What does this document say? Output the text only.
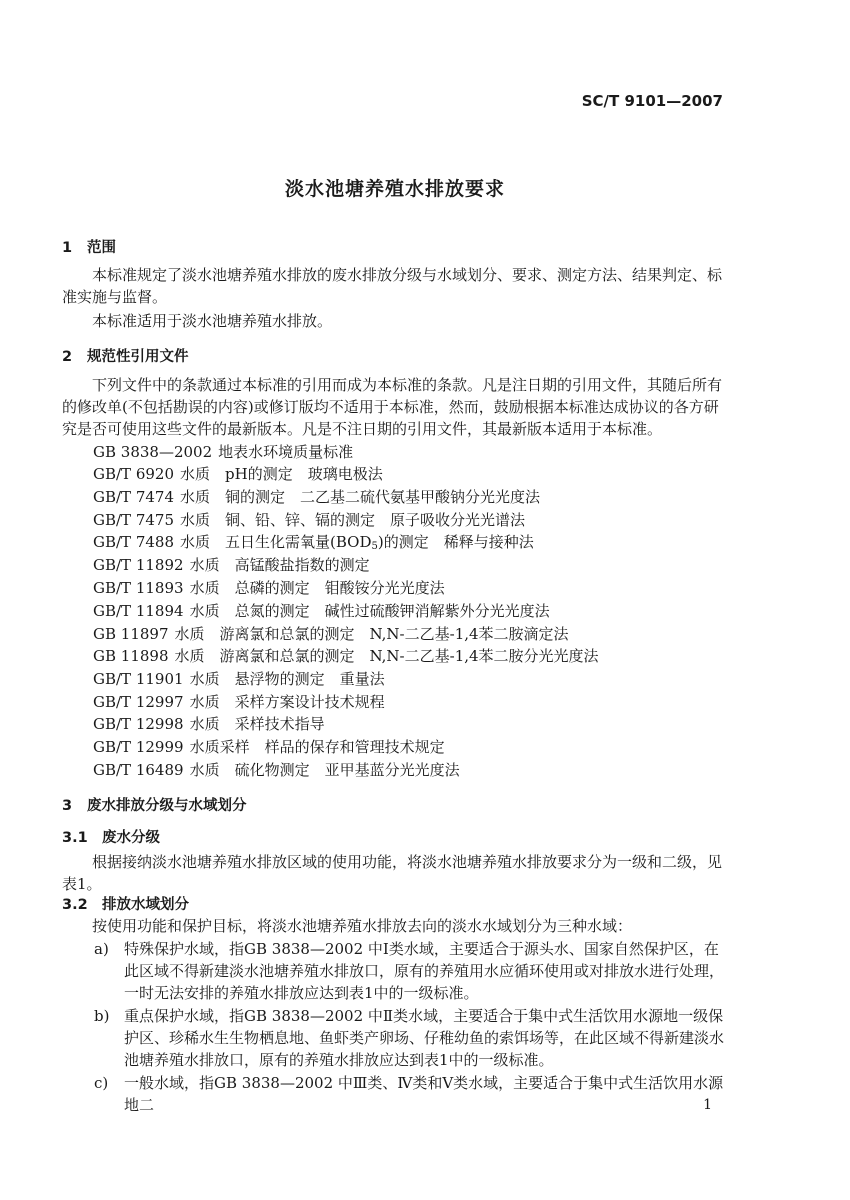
SC/T 9101—2007
淡水池塘养殖水排放要求
1 范围
本标准规定了淡水池塘养殖水排放的废水排放分级与水域划分、要求、测定方法、结果判定、标准实施与监督。
本标准适用于淡水池塘养殖水排放。
2 规范性引用文件
下列文件中的条款通过本标准的引用而成为本标准的条款。凡是注日期的引用文件，其随后所有的修改单(不包括勘误的内容)或修订版均不适用于本标准，然而，鼓励根据本标准达成协议的各方研究是否可使用这些文件的最新版本。凡是不注日期的引用文件，其最新版本适用于本标准。
GB 3838—2002 地表水环境质量标准
GB/T 6920 水质　pH的测定　玻璃电极法
GB/T 7474 水质　铜的测定　二乙基二硫代氨基甲酸钠分光光度法
GB/T 7475 水质　铜、铅、锌、镉的测定　原子吸收分光光谱法
GB/T 7488 水质　五日生化需氧量$(BOD_5)$的测定　稀释与接种法
GB/T 11892 水质　高锰酸盐指数的测定
GB/T 11893 水质　总磷的测定　钼酸铵分光光度法
GB/T 11894 水质　总氮的测定　碱性过硫酸钾消解紫外分光光度法
GB 11897 水质　游离氯和总氯的测定　N,N-二乙基-1,4苯二胺滴定法
GB 11898 水质　游离氯和总氯的测定　N,N-二乙基-1,4苯二胺分光光度法
GB/T 11901 水质　悬浮物的测定　重量法
GB/T 12997 水质　采样方案设计技术规程
GB/T 12998 水质　采样技术指导
GB/T 12999 水质采样　样品的保存和管理技术规定
GB/T 16489 水质　硫化物测定　亚甲基蓝分光光度法
3 废水排放分级与水域划分
3.1 废水分级
根据接纳淡水池塘养殖水排放区域的使用功能，将淡水池塘养殖水排放要求分为一级和二级，见表1。
3.2 排放水域划分
按使用功能和保护目标，将淡水池塘养殖水排放去向的淡水水域划分为三种水域：
a) 特殊保护水域，指GB 3838—2002 中Ⅰ类水域，主要适合于源头水、国家自然保护区，在此区域不得新建淡水池塘养殖水排放口，原有的养殖用水应循环使用或对排放水进行处理，一时无法安排的养殖水排放应达到表1中的一级标准。
b) 重点保护水域，指GB 3838—2002 中Ⅱ类水域，主要适合于集中式生活饮用水源地一级保护区、珍稀水生生物栖息地、鱼虾类产卵场、仔稚幼鱼的索饵场等，在此区域不得新建淡水池塘养殖水排放口，原有的养殖水排放应达到表1中的一级标准。
c) 一般水域，指GB 3838—2002 中Ⅲ类、Ⅳ类和Ⅴ类水域，主要适合于集中式生活饮用水源地二	1
